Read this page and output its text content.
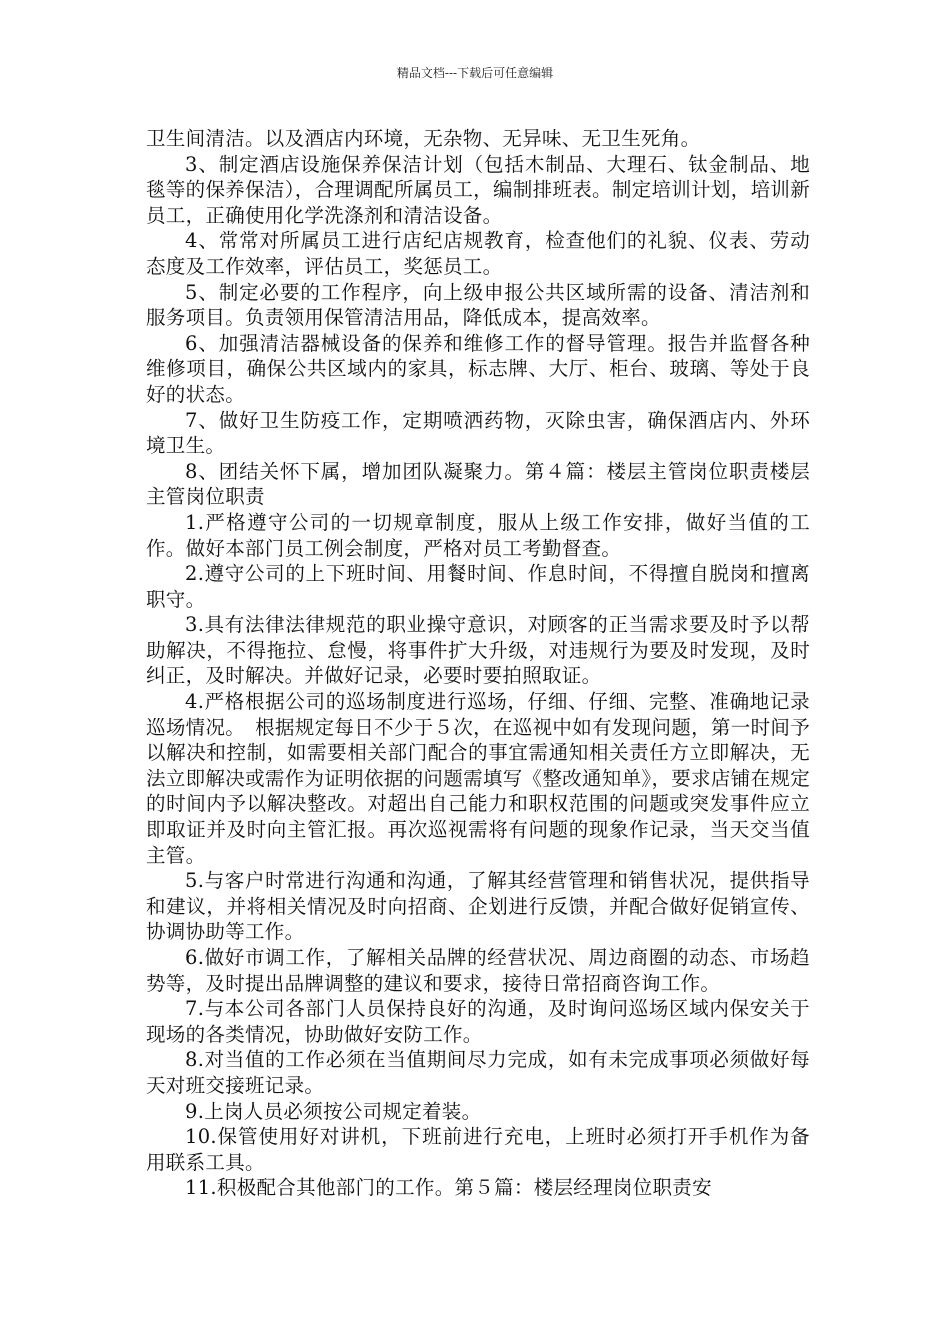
精品文档---下载后可任意编辑

卫生间清洁。以及酒店内环境，无杂物、无异味、无卫生死角。

3、制定酒店设施保养保洁计划（包括木制品、大理石、钛金制品、地毯等的保养保洁），合理调配所属员工，编制排班表。制定培训计划，培训新员工，正确使用化学洗涤剂和清洁设备。

4、常常对所属员工进行店纪店规教育，检查他们的礼貌、仪表、劳动态度及工作效率，评估员工，奖惩员工。

5、制定必要的工作程序，向上级申报公共区域所需的设备、清洁剂和服务项目。负责领用保管清洁用品，降低成本，提高效率。

6、加强清洁器械设备的保养和维修工作的督导管理。报告并监督各种维修项目，确保公共区域内的家具，标志牌、大厅、柜台、玻璃、等处于良好的状态。

7、做好卫生防疫工作，定期喷洒药物，灭除虫害，确保酒店内、外环境卫生。

8、团结关怀下属，增加团队凝聚力。第４篇：楼层主管岗位职责楼层主管岗位职责

1.严格遵守公司的一切规章制度，服从上级工作安排，做好当值的工作。做好本部门员工例会制度，严格对员工考勤督查。

2.遵守公司的上下班时间、用餐时间、作息时间，不得擅自脱岗和擅离职守。

3.具有法律法律规范的职业操守意识，对顾客的正当需求要及时予以帮助解决，不得拖拉、怠慢，将事件扩大升级，对违规行为要及时发现，及时纠正，及时解决。并做好记录，必要时要拍照取证。

4.严格根据公司的巡场制度进行巡场，仔细、仔细、完整、准确地记录巡场情况。　根据规定每日不少于５次，在巡视中如有发现问题，第一时间予以解决和控制，如需要相关部门配合的事宜需通知相关责任方立即解决，无法立即解决或需作为证明依据的问题需填写《整改通知单》，要求店铺在规定的时间内予以解决整改。对超出自己能力和职权范围的问题或突发事件应立即取证并及时向主管汇报。再次巡视需将有问题的现象作记录，当天交当值主管。

5.与客户时常进行沟通和沟通，了解其经营管理和销售状况，提供指导和建议，并将相关情况及时向招商、企划进行反馈，并配合做好促销宣传、协调协助等工作。

6.做好市调工作，了解相关品牌的经营状况、周边商圈的动态、市场趋势等，及时提出品牌调整的建议和要求，接待日常招商咨询工作。

7.与本公司各部门人员保持良好的沟通，及时询问巡场区域内保安关于现场的各类情况，协助做好安防工作。

8.对当值的工作必须在当值期间尽力完成，如有未完成事项必须做好每天对班交接班记录。

9.上岗人员必须按公司规定着装。

10.保管使用好对讲机，下班前进行充电，上班时必须打开手机作为备用联系工具。

11.积极配合其他部门的工作。第５篇：楼层经理岗位职责安
